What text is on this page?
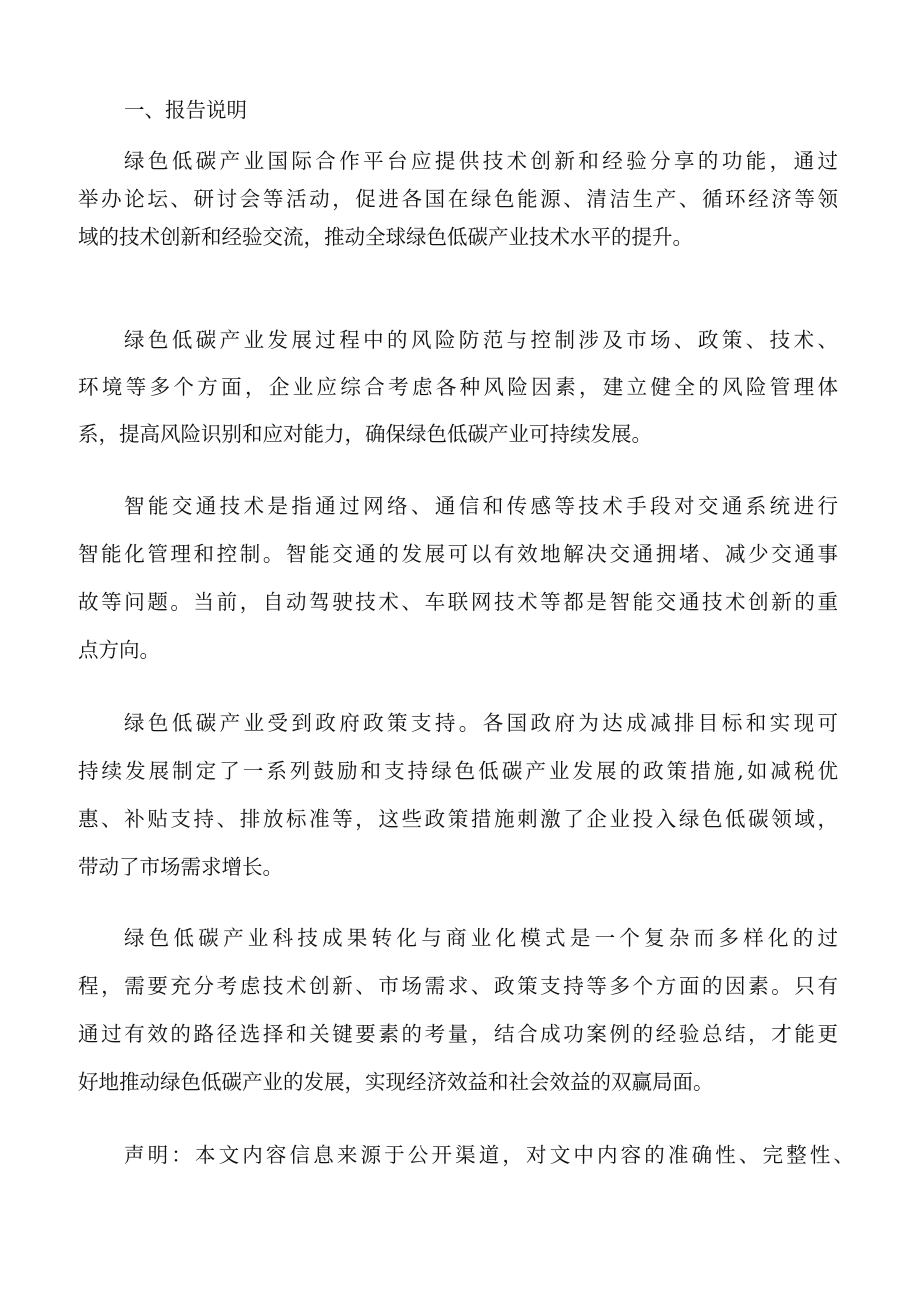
一、报告说明
绿色低碳产业国际合作平台应提供技术创新和经验分享的功能，通过
举办论坛、研讨会等活动，促进各国在绿色能源、清洁生产、循环经济等领
域的技术创新和经验交流，推动全球绿色低碳产业技术水平的提升。
绿色低碳产业发展过程中的风险防范与控制涉及市场、政策、技术、
环境等多个方面，企业应综合考虑各种风险因素，建立健全的风险管理体
系，提高风险识别和应对能力，确保绿色低碳产业可持续发展。
智能交通技术是指通过网络、通信和传感等技术手段对交通系统进行
智能化管理和控制。智能交通的发展可以有效地解决交通拥堵、减少交通事
故等问题。当前，自动驾驶技术、车联网技术等都是智能交通技术创新的重
点方向。
绿色低碳产业受到政府政策支持。各国政府为达成减排目标和实现可
持续发展制定了一系列鼓励和支持绿色低碳产业发展的政策措施,如减税优
惠、补贴支持、排放标准等，这些政策措施刺激了企业投入绿色低碳领域，
带动了市场需求增长。
绿色低碳产业科技成果转化与商业化模式是一个复杂而多样化的过
程，需要充分考虑技术创新、市场需求、政策支持等多个方面的因素。只有
通过有效的路径选择和关键要素的考量，结合成功案例的经验总结，才能更
好地推动绿色低碳产业的发展，实现经济效益和社会效益的双赢局面。
声明：本文内容信息来源于公开渠道，对文中内容的准确性、完整性、
